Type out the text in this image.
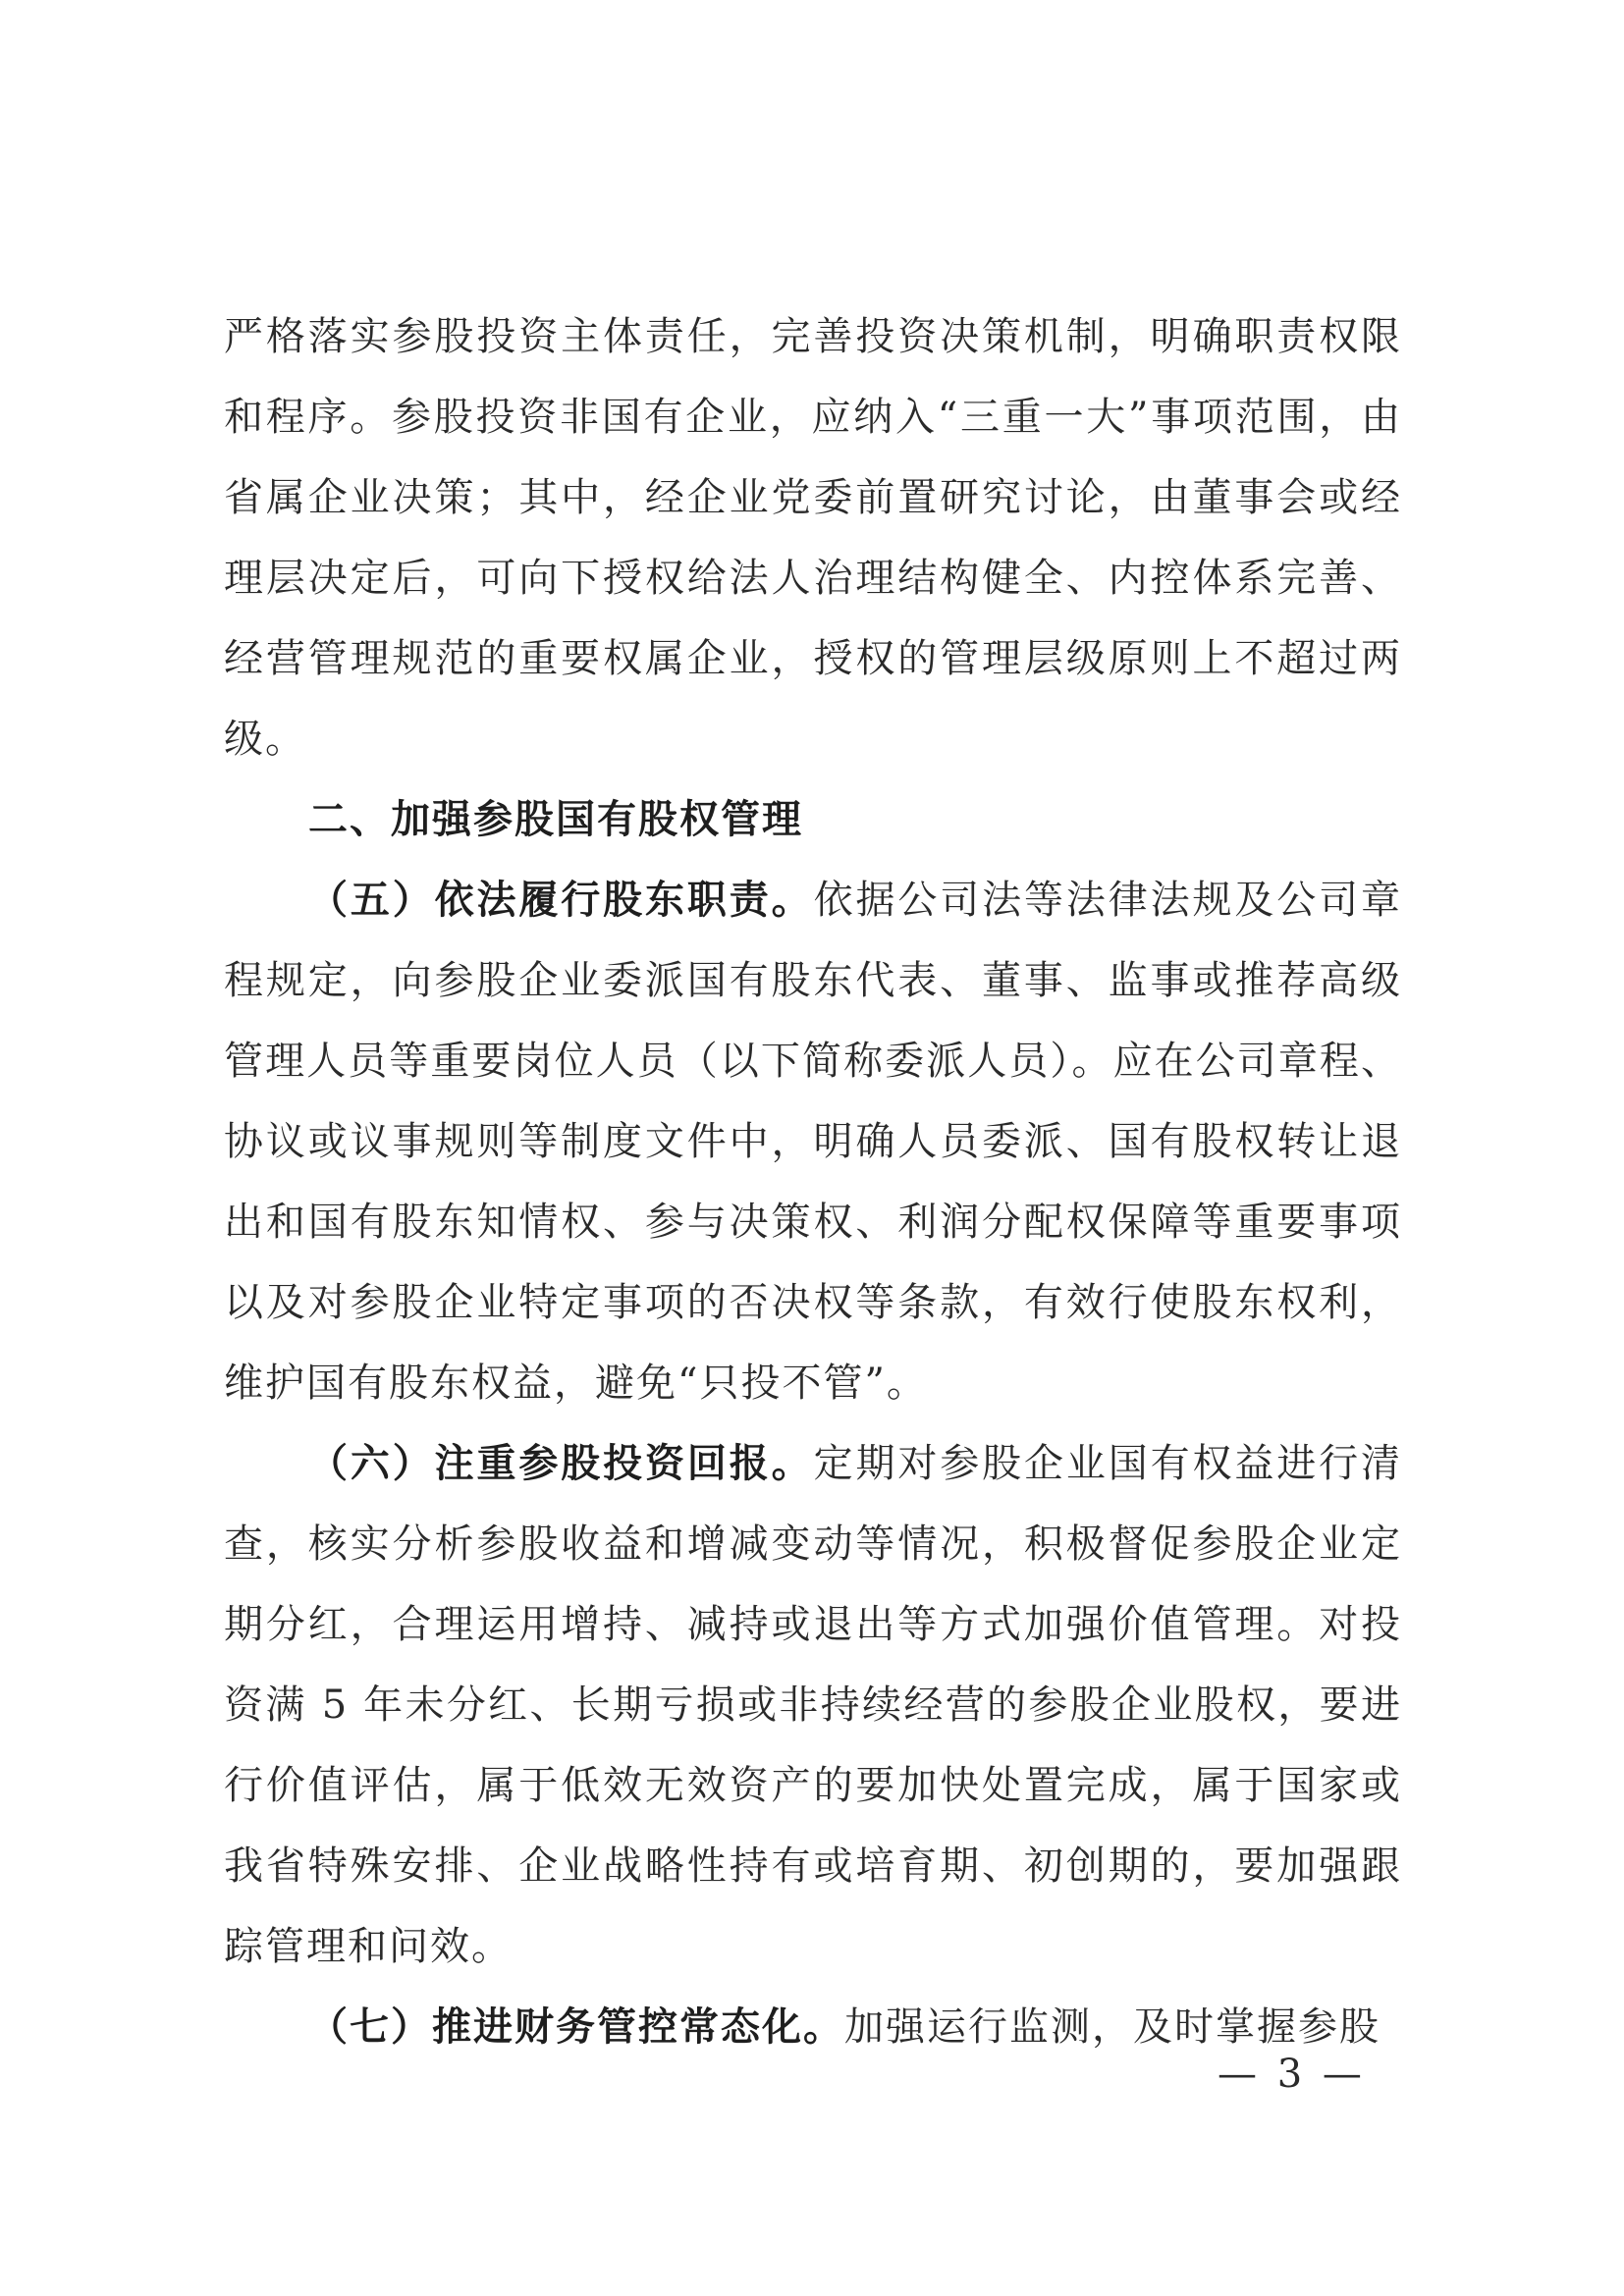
严格落实参股投资主体责任，完善投资决策机制，明确职责权限和程序。参股投资非国有企业，应纳入“三重一大”事项范围，由省属企业决策；其中，经企业党委前置研究讨论，由董事会或经理层决定后，可向下授权给法人治理结构健全、内控体系完善、经营管理规范的重要权属企业，授权的管理层级原则上不超过两级。

二、加强参股国有股权管理

（五）依法履行股东职责。依据公司法等法律法规及公司章程规定，向参股企业委派国有股东代表、董事、监事或推荐高级管理人员等重要岗位人员（以下简称委派人员）。应在公司章程、协议或议事规则等制度文件中，明确人员委派、国有股权转让退出和国有股东知情权、参与决策权、利润分配权保障等重要事项以及对参股企业特定事项的否决权等条款，有效行使股东权利，维护国有股东权益，避免“只投不管”。

（六）注重参股投资回报。定期对参股企业国有权益进行清查，核实分析参股收益和增减变动等情况，积极督促参股企业定期分红，合理运用增持、减持或退出等方式加强价值管理。对投资满 5 年未分红、长期亏损或非持续经营的参股企业股权，要进行价值评估，属于低效无效资产的要加快处置完成，属于国家或我省特殊安排、企业战略性持有或培育期、初创期的，要加强跟踪管理和问效。

（七）推进财务管控常态化。加强运行监测，及时掌握参股

— 3 —
